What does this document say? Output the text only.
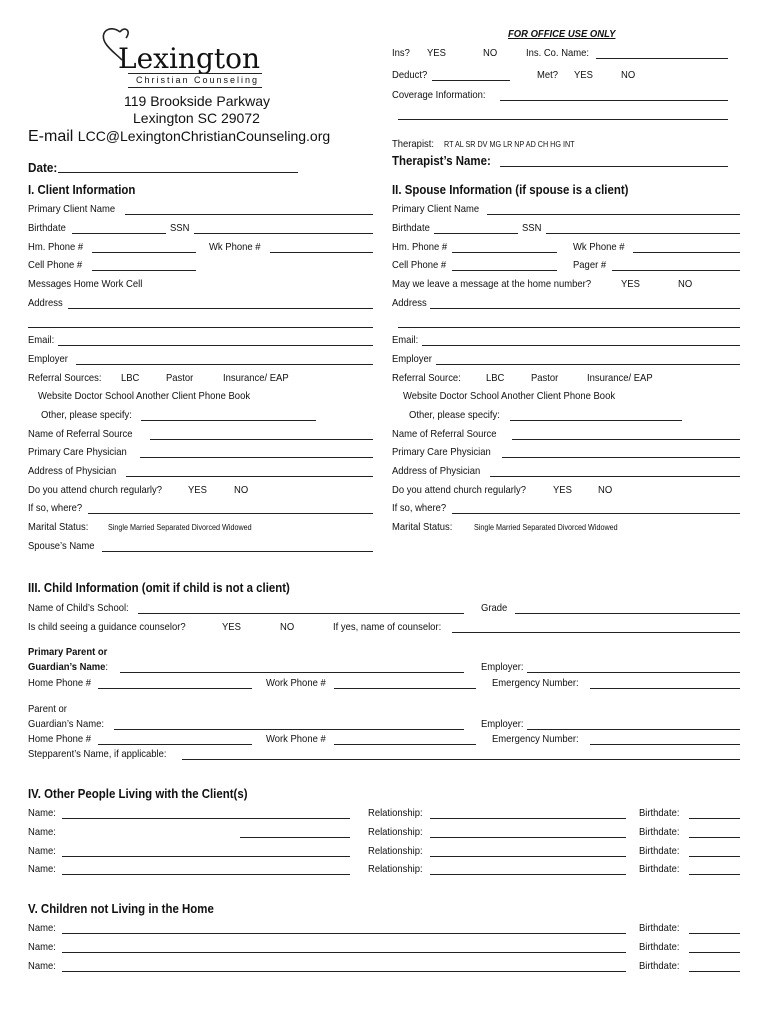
Lexington
Christian Counseling
119 Brookside Parkway
Lexington SC 29072
E-mail LCC@LexingtonChristianCounseling.org
Date:
FOR OFFICE USE ONLY
Ins? YES	NO	Ins. Co. Name:
Deduct?	Met? YES	NO
Coverage Information:
Therapist: RT AL SR DV MG LR NP AD CH HG INT
Therapist’s Name:
I. Client Information
Primary Client Name
Birthdate	SSN
Hm. Phone #	Wk Phone #
Cell Phone #
Messages Home Work Cell
Address
Email:
Employer
Referral Sources: LBC	Pastor	Insurance/ EAP
Website Doctor School Another Client Phone Book
Other, please specify:
Name of Referral Source
Primary Care Physician
Address of Physician
Do you attend church regularly? YES	NO
If so, where?
Marital Status: Single Married Separated Divorced Widowed
Spouse’s Name
II. Spouse Information (if spouse is a client)
Primary Client Name
Birthdate	SSN
Hm. Phone #	Wk Phone #
Cell Phone #	Pager #
May we leave a message at the home number?	YES	NO
Address
Email:
Employer
Referral Source: LBC	Pastor	Insurance/ EAP
Website Doctor School Another Client Phone Book
Other, please specify:
Name of Referral Source
Primary Care Physician
Address of Physician
Do you attend church regularly?	YES NO
If so, where?
Marital Status:	Single Married Separated Divorced Widowed
III. Child Information (omit if child is not a client)
Name of Child’s School:	Grade
Is child seeing a guidance counselor?	YES	NO	If yes, name of counselor:
Primary Parent or
Guardian’s Name:	Employer:
Home Phone #	Work Phone #	Emergency Number:
Parent or
Guardian’s Name:	Employer:
Home Phone #	Work Phone #	Emergency Number:
Stepparent’s Name, if applicable:
IV. Other People Living with the Client(s)
Name:	Relationship:	Birthdate:
Name:	Relationship:	Birthdate:
Name:	Relationship:	Birthdate:
Name:	Relationship:	Birthdate:
V. Children not Living in the Home
Name:	Birthdate:
Name:	Birthdate:
Name:	Birthdate:
